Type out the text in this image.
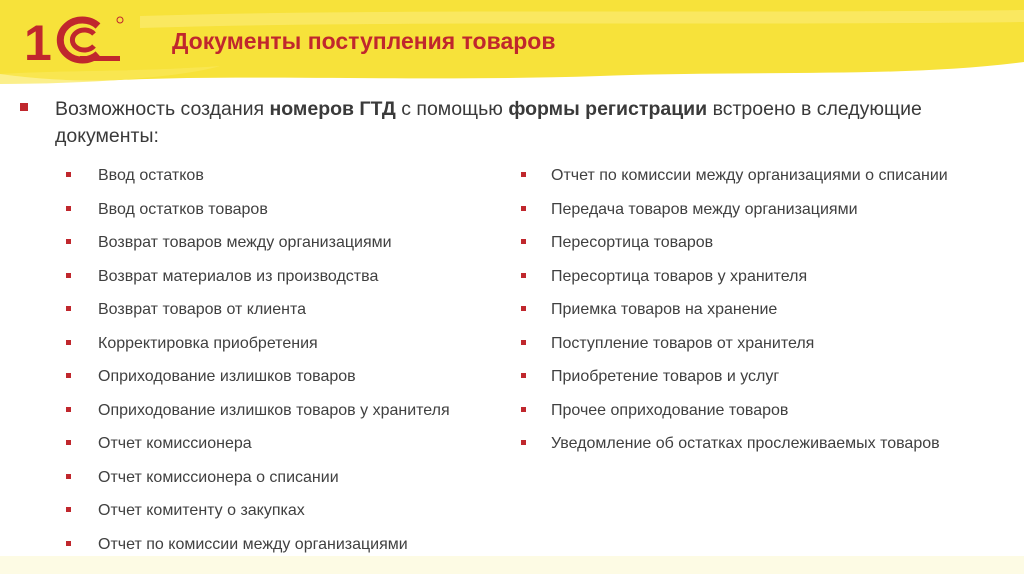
1	Документы поступления товаров
Возможность создания номеров ГТД с помощью формы регистрации встроено в следующие документы:
Ввод остатков
Ввод остатков товаров
Возврат товаров между организациями
Возврат материалов из производства
Возврат товаров от клиента
Корректировка приобретения
Оприходование излишков товаров
Оприходование излишков товаров у хранителя
Отчет комиссионера
Отчет комиссионера о списании
Отчет комитенту о закупках
Отчет по комиссии между организациями
Отчет по комиссии между организациями о списании
Передача товаров между организациями
Пересортица товаров
Пересортица товаров у хранителя
Приемка товаров на хранение
Поступление товаров от хранителя
Приобретение товаров и услуг
Прочее оприходование товаров
Уведомление об остатках прослеживаемых товаров
